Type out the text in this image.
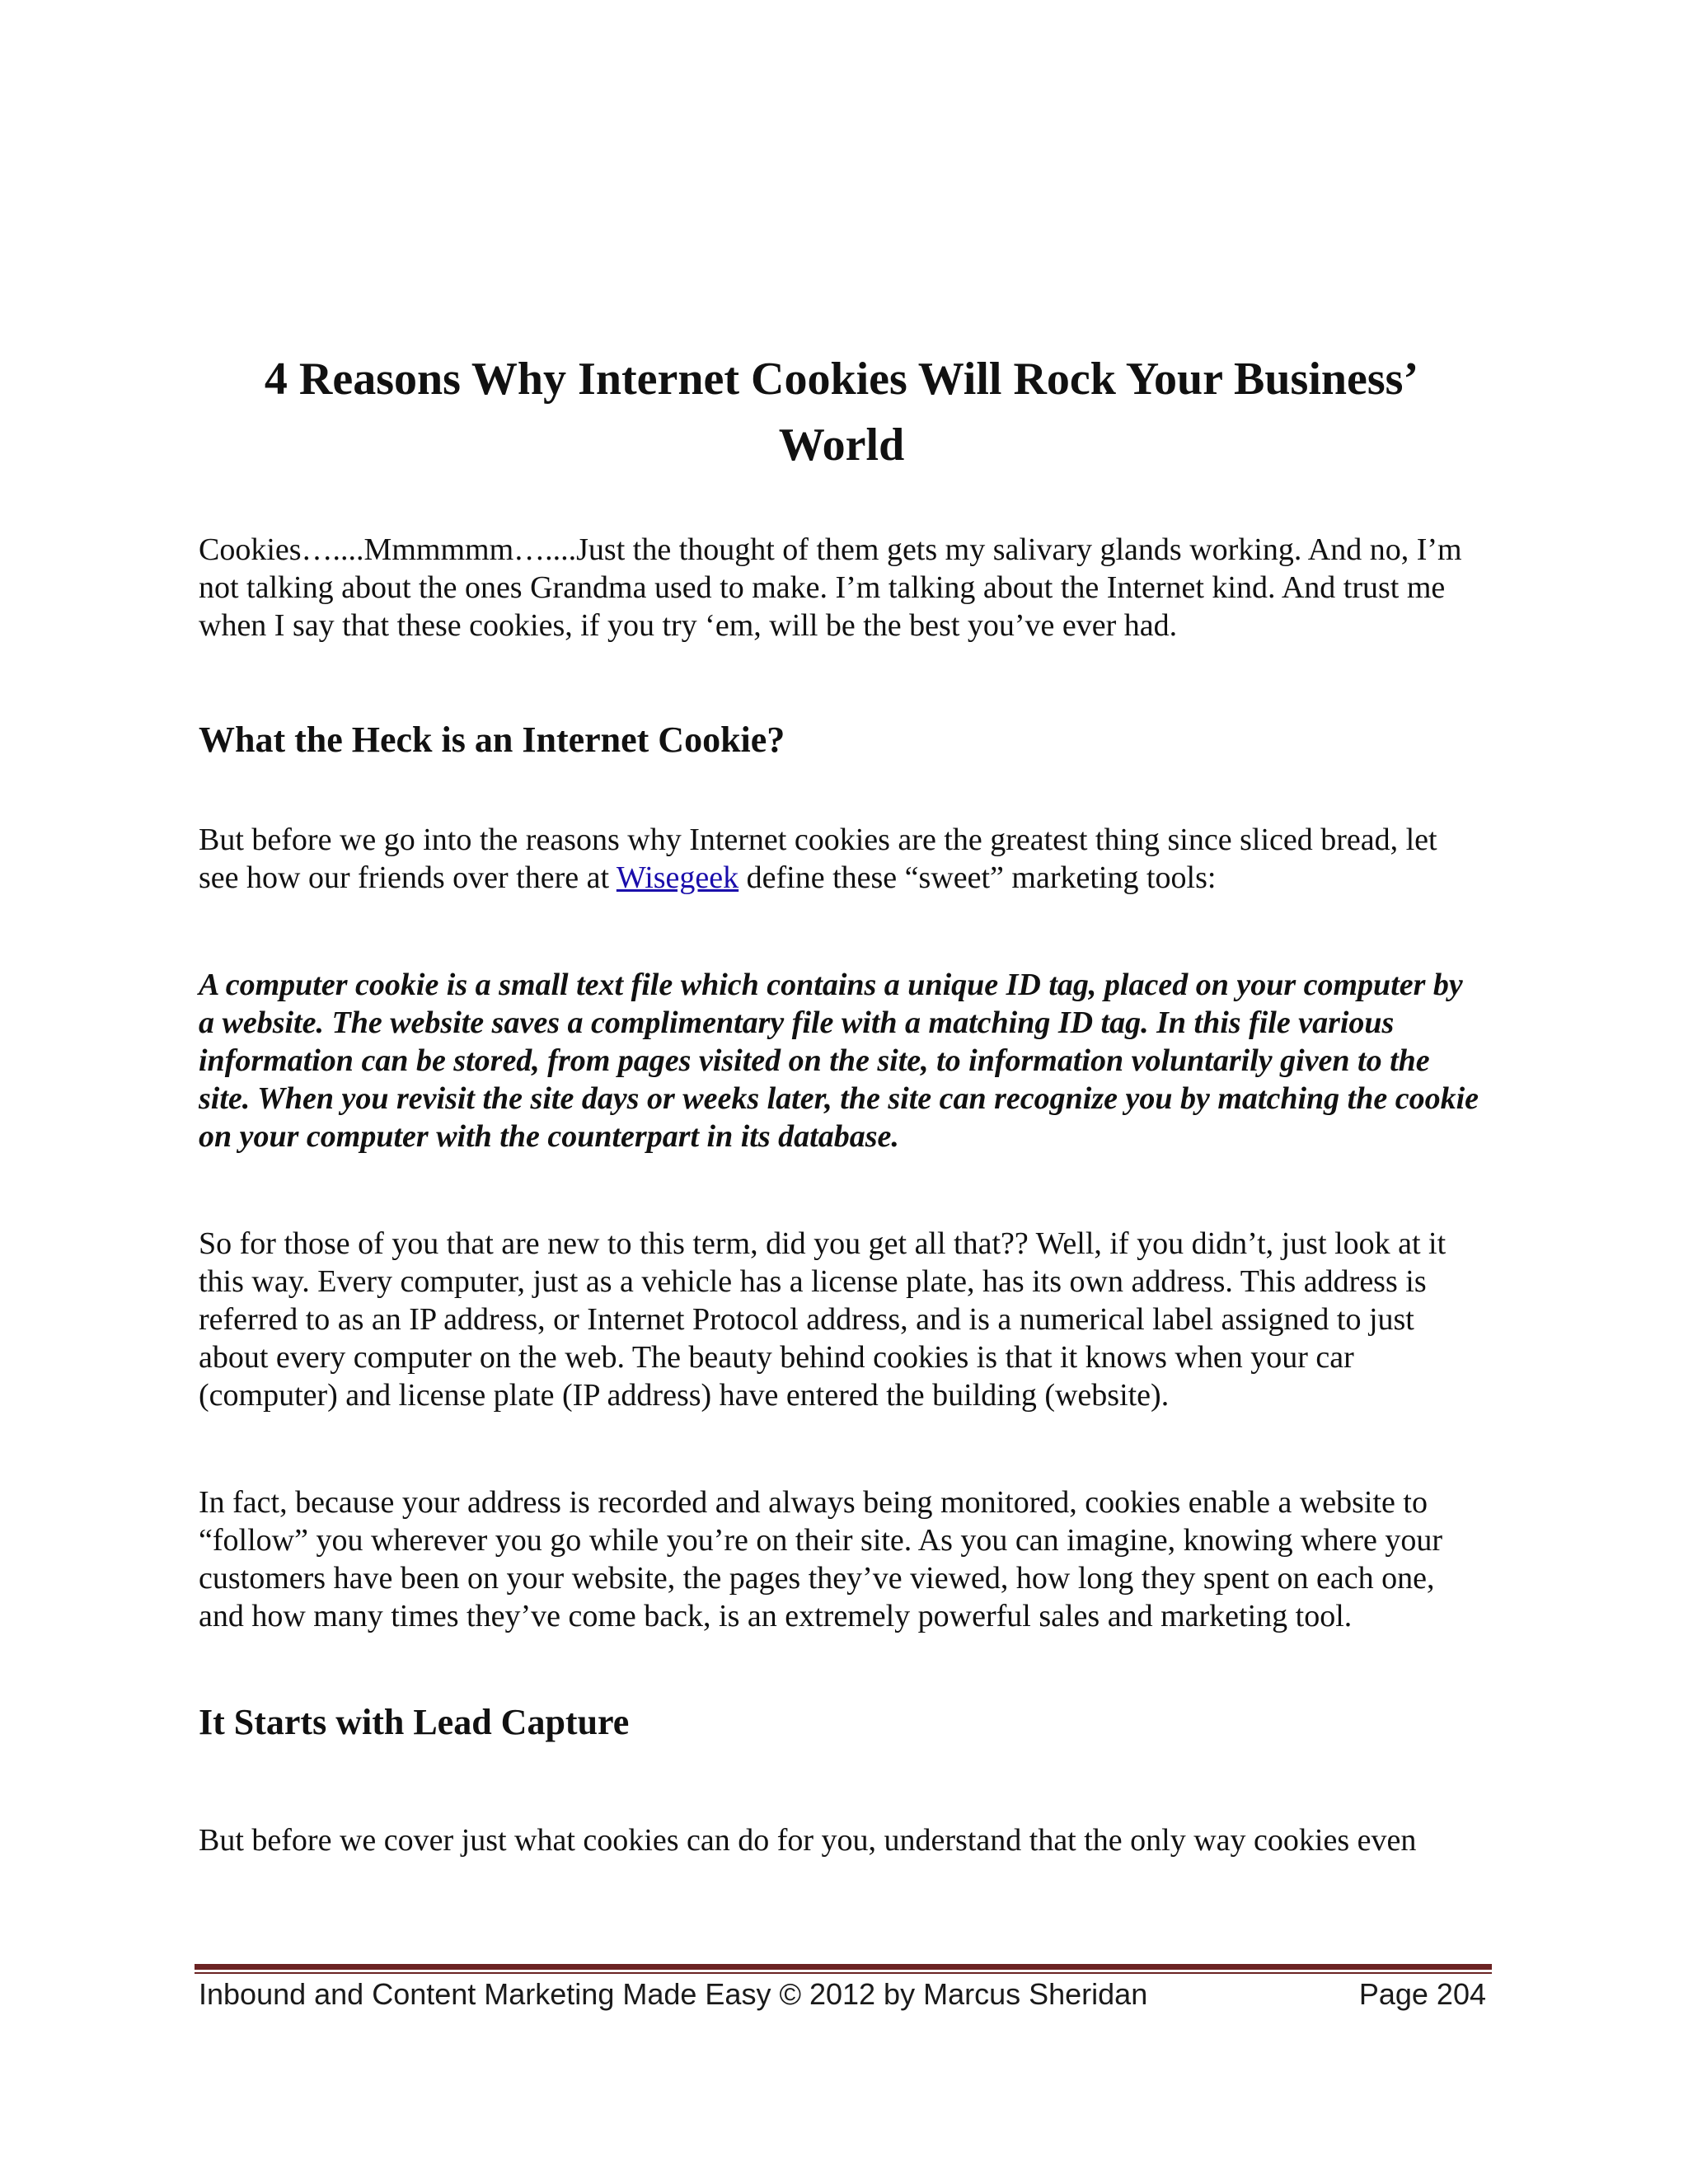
4 Reasons Why Internet Cookies Will Rock Your Business’ World

Cookies…....Mmmmmm…....Just the thought of them gets my salivary glands working. And no, I’m not talking about the ones Grandma used to make. I’m talking about the Internet kind. And trust me when I say that these cookies, if you try ‘em, will be the best you’ve ever had.

What the Heck is an Internet Cookie?

But before we go into the reasons why Internet cookies are the greatest thing since sliced bread, let see how our friends over there at Wisegeek define these “sweet” marketing tools:

A computer cookie is a small text file which contains a unique ID tag, placed on your computer by a website. The website saves a complimentary file with a matching ID tag. In this file various information can be stored, from pages visited on the site, to information voluntarily given to the site. When you revisit the site days or weeks later, the site can recognize you by matching the cookie on your computer with the counterpart in its database.

So for those of you that are new to this term, did you get all that?? Well, if you didn’t, just look at it this way. Every computer, just as a vehicle has a license plate, has its own address. This address is referred to as an IP address, or Internet Protocol address, and is a numerical label assigned to just about every computer on the web. The beauty behind cookies is that it knows when your car (computer) and license plate (IP address) have entered the building (website).

In fact, because your address is recorded and always being monitored, cookies enable a website to “follow” you wherever you go while you’re on their site. As you can imagine, knowing where your customers have been on your website, the pages they’ve viewed, how long they spent on each one, and how many times they’ve come back, is an extremely powerful sales and marketing tool.

It Starts with Lead Capture

But before we cover just what cookies can do for you, understand that the only way cookies even

Inbound and Content Marketing Made Easy © 2012 by Marcus Sheridan	Page 204
